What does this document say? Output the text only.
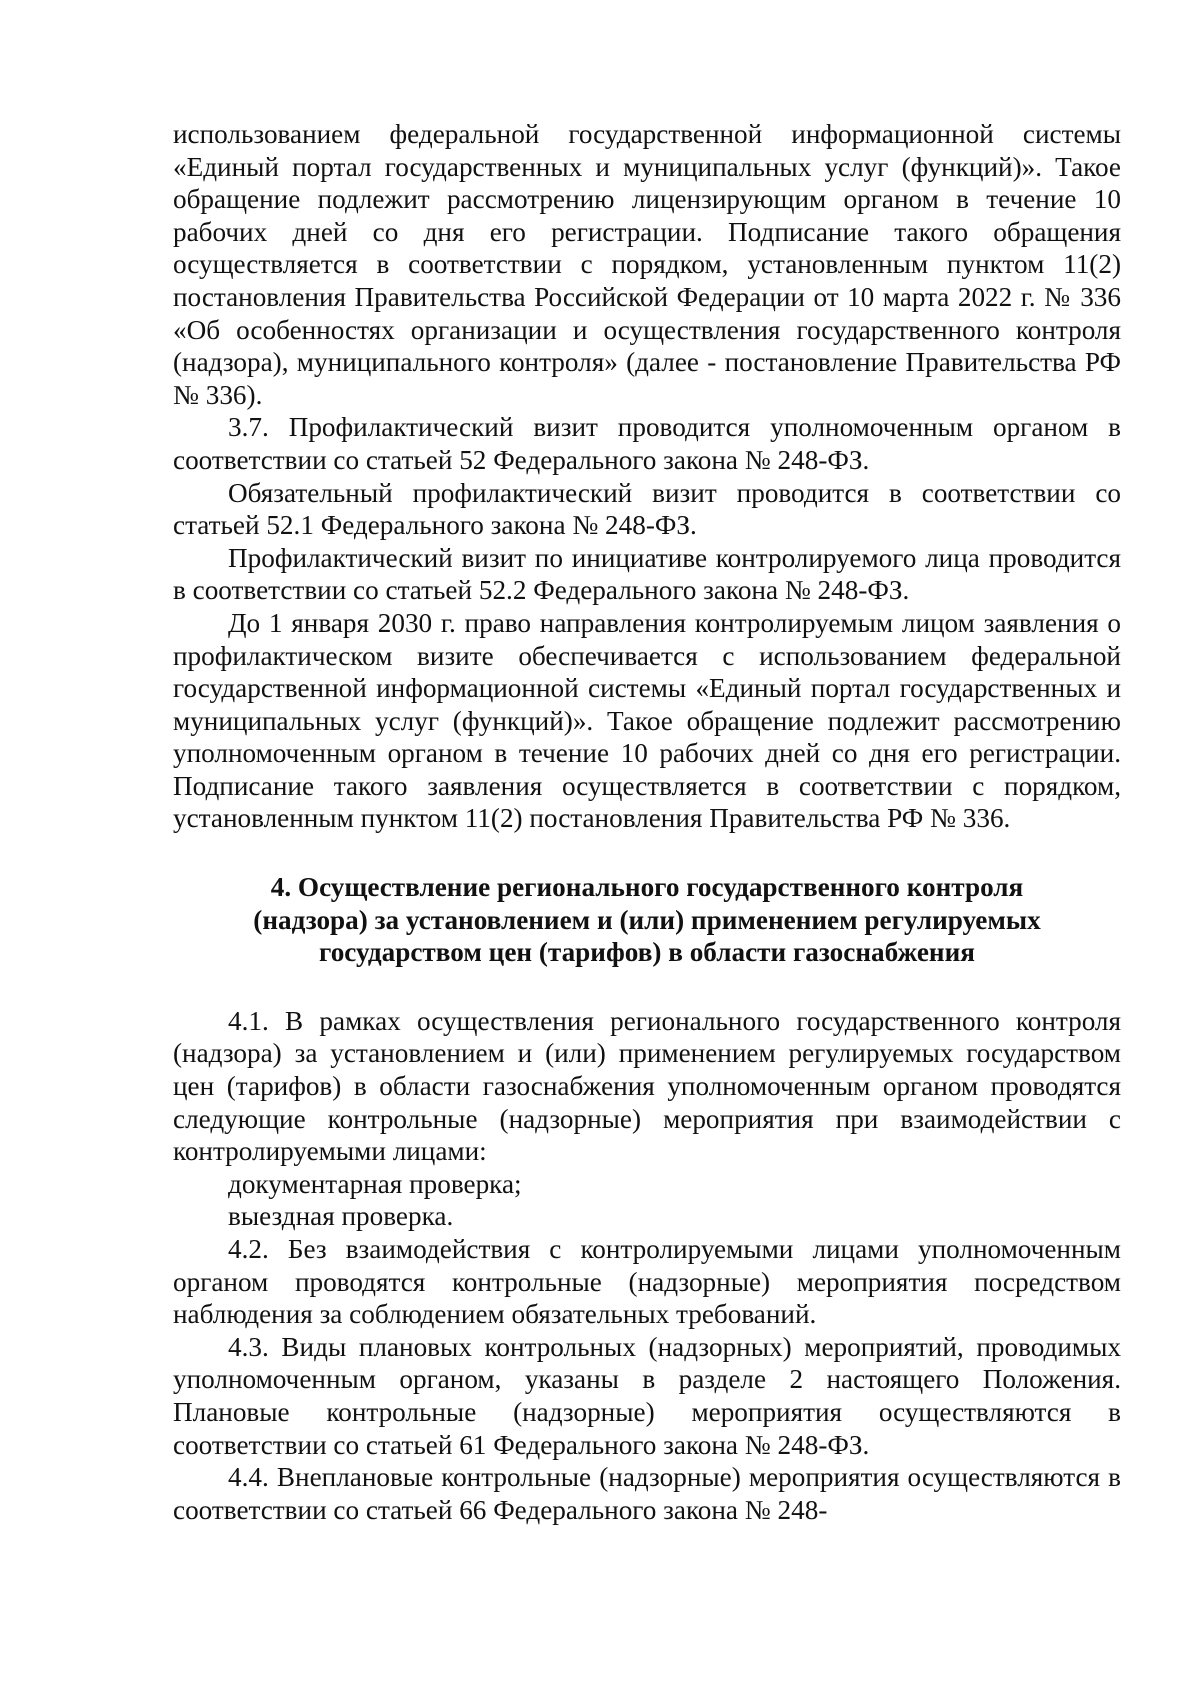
использованием федеральной государственной информационной системы «Единый портал государственных и муниципальных услуг (функций)». Такое обращение подлежит рассмотрению лицензирующим органом в течение 10 рабочих дней со дня его регистрации. Подписание такого обращения осуществляется в соответствии с порядком, установленным пунктом 11(2) постановления Правительства Российской Федерации от 10 марта 2022 г. № 336 «Об особенностях организации и осуществления государственного контроля (надзора), муниципального контроля» (далее - постановление Правительства РФ № 336).

3.7. Профилактический визит проводится уполномоченным органом в соответствии со статьей 52 Федерального закона № 248-ФЗ.

Обязательный профилактический визит проводится в соответствии со статьей 52.1 Федерального закона № 248-ФЗ.

Профилактический визит по инициативе контролируемого лица проводится в соответствии со статьей 52.2 Федерального закона № 248-ФЗ.

До 1 января 2030 г. право направления контролируемым лицом заявления о профилактическом визите обеспечивается с использованием федеральной государственной информационной системы «Единый портал государственных и муниципальных услуг (функций)». Такое обращение подлежит рассмотрению уполномоченным органом в течение 10 рабочих дней со дня его регистрации. Подписание такого заявления осуществляется в соответствии с порядком, установленным пунктом 11(2) постановления Правительства РФ № 336.

4. Осуществление регионального государственного контроля
(надзора) за установлением и (или) применением регулируемых
государством цен (тарифов) в области газоснабжения

4.1. В рамках осуществления регионального государственного контроля (надзора) за установлением и (или) применением регулируемых государством цен (тарифов) в области газоснабжения уполномоченным органом проводятся следующие контрольные (надзорные) мероприятия при взаимодействии с контролируемыми лицами:

документарная проверка;

выездная проверка.

4.2. Без взаимодействия с контролируемыми лицами уполномоченным органом проводятся контрольные (надзорные) мероприятия посредством наблюдения за соблюдением обязательных требований.

4.3. Виды плановых контрольных (надзорных) мероприятий, проводимых уполномоченным органом, указаны в разделе 2 настоящего Положения. Плановые контрольные (надзорные) мероприятия осуществляются в соответствии со статьей 61 Федерального закона № 248-ФЗ.

4.4. Внеплановые контрольные (надзорные) мероприятия осуществляются в соответствии со статьей 66 Федерального закона № 248-
